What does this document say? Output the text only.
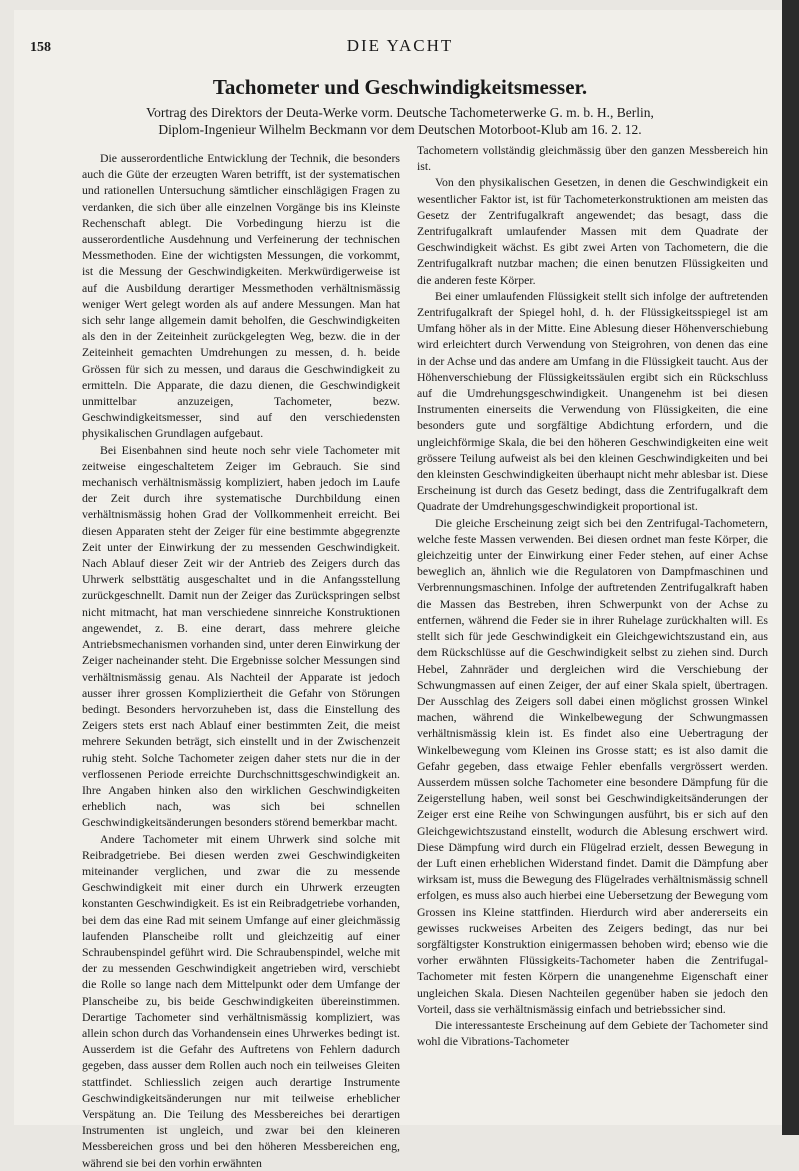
158	DIE YACHT
Tachometer und Geschwindigkeitsmesser.
Vortrag des Direktors der Deuta-Werke vorm. Deutsche Tachometerwerke G. m. b. H., Berlin,
Diplom-Ingenieur Wilhelm Beckmann vor dem Deutschen Motorboot-Klub am 16. 2. 12.

Die ausserordentliche Entwicklung der Technik, die besonders auch die Güte der erzeugten Waren betrifft, ist der systematischen und rationellen Untersuchung sämtlicher einschlägigen Fragen zu verdanken, die sich über alle einzelnen Vorgänge bis ins Kleinste Rechenschaft ablegt. Die Vorbedingung hierzu ist die ausserordentliche Ausdehnung und Verfeinerung der technischen Messmethoden. Eine der wichtigsten Messungen, die vorkommt, ist die Messung der Geschwindigkeiten. Merkwürdigerweise ist auf die Ausbildung derartiger Messmethoden verhältnismässig weniger Wert gelegt worden als auf andere Messungen. Man hat sich sehr lange allgemein damit beholfen, die Geschwindigkeiten als den in der Zeiteinheit zurückgelegten Weg, bezw. die in der Zeiteinheit gemachten Umdrehungen zu messen, d. h. beide Grössen für sich zu messen, und daraus die Geschwindigkeit zu ermitteln. Die Apparate, die dazu dienen, die Geschwindigkeit unmittelbar anzuzeigen, Tachometer, bezw. Geschwindigkeitsmesser, sind auf den verschiedensten physikalischen Grundlagen aufgebaut.

Bei Eisenbahnen sind heute noch sehr viele Tachometer mit zeitweise eingeschaltetem Zeiger im Gebrauch. Sie sind mechanisch verhältnismässig kompliziert, haben jedoch im Laufe der Zeit durch ihre systematische Durchbildung einen verhältnismässig hohen Grad der Vollkommenheit erreicht. Bei diesen Apparaten steht der Zeiger für eine bestimmte abgegrenzte Zeit unter der Einwirkung der zu messenden Geschwindigkeit. Nach Ablauf dieser Zeit wir der Antrieb des Zeigers durch das Uhrwerk selbsttätig ausgeschaltet und in die Anfangsstellung zurückgeschnellt. Damit nun der Zeiger das Zurückspringen selbst nicht mitmacht, hat man verschiedene sinnreiche Konstruktionen angewendet, z. B. eine derart, dass mehrere gleiche Antriebsmechanismen vorhanden sind, unter deren Einwirkung der Zeiger nacheinander steht. Die Ergebnisse solcher Messungen sind verhältnismässig genau. Als Nachteil der Apparate ist jedoch ausser ihrer grossen Kompliziertheit die Gefahr von Störungen bedingt. Besonders hervorzuheben ist, dass die Einstellung des Zeigers stets erst nach Ablauf einer bestimmten Zeit, die meist mehrere Sekunden beträgt, sich einstellt und in der Zwischenzeit ruhig steht. Solche Tachometer zeigen daher stets nur die in der verflossenen Periode erreichte Durchschnittsgeschwindigkeit an. Ihre Angaben hinken also den wirklichen Geschwindigkeiten erheblich nach, was sich bei schnellen Geschwindigkeitsänderungen besonders störend bemerkbar macht.

Andere Tachometer mit einem Uhrwerk sind solche mit Reibradgetriebe. Bei diesen werden zwei Geschwindigkeiten miteinander verglichen, und zwar die zu messende Geschwindigkeit mit einer durch ein Uhrwerk erzeugten konstanten Geschwindigkeit. Es ist ein Reibradgetriebe vorhanden, bei dem das eine Rad mit seinem Umfange auf einer gleichmässig laufenden Planscheibe rollt und gleichzeitig auf einer Schraubenspindel geführt wird. Die Schraubenspindel, welche mit der zu messenden Geschwindigkeit angetrieben wird, verschiebt die Rolle so lange nach dem Mittelpunkt oder dem Umfange der Planscheibe zu, bis beide Geschwindigkeiten übereinstimmen. Derartige Tachometer sind verhältnismässig kompliziert, was allein schon durch das Vorhandensein eines Uhrwerkes bedingt ist. Ausserdem ist die Gefahr des Auftretens von Fehlern dadurch gegeben, dass ausser dem Rollen auch noch ein teilweises Gleiten stattfindet. Schliesslich zeigen auch derartige Instrumente Geschwindigkeitsänderungen nur mit teilweise erheblicher Verspätung an. Die Teilung des Messbereiches bei derartigen Instrumenten ist ungleich, und zwar bei den kleineren Messbereichen gross und bei den höheren Messbereichen eng, während sie bei den vorhin erwähnten

Tachometern vollständig gleichmässig über den ganzen Messbereich hin ist.

Von den physikalischen Gesetzen, in denen die Geschwindigkeit ein wesentlicher Faktor ist, ist für Tachometerkonstruktionen am meisten das Gesetz der Zentrifugalkraft angewendet; das besagt, dass die Zentrifugalkraft umlaufender Massen mit dem Quadrate der Geschwindigkeit wächst. Es gibt zwei Arten von Tachometern, die die Zentrifugalkraft nutzbar machen; die einen benutzen Flüssigkeiten und die anderen feste Körper.

Bei einer umlaufenden Flüssigkeit stellt sich infolge der auftretenden Zentrifugalkraft der Spiegel hohl, d. h. der Flüssigkeitsspiegel ist am Umfang höher als in der Mitte. Eine Ablesung dieser Höhenverschiebung wird erleichtert durch Verwendung von Steigrohren, von denen das eine in der Achse und das andere am Umfang in die Flüssigkeit taucht. Aus der Höhenverschiebung der Flüssigkeitssäulen ergibt sich ein Rückschluss auf die Umdrehungsgeschwindigkeit. Unangenehm ist bei diesen Instrumenten einerseits die Verwendung von Flüssigkeiten, die eine besonders gute und sorgfältige Abdichtung erfordern, und die ungleichförmige Skala, die bei den höheren Geschwindigkeiten eine weit grössere Teilung aufweist als bei den kleinen Geschwindigkeiten und bei den kleinsten Geschwindigkeiten überhaupt nicht mehr ablesbar ist. Diese Erscheinung ist durch das Gesetz bedingt, dass die Zentrifugalkraft dem Quadrate der Umdrehungsgeschwindigkeit proportional ist.

Die gleiche Erscheinung zeigt sich bei den Zentrifugal-Tachometern, welche feste Massen verwenden. Bei diesen ordnet man feste Körper, die gleichzeitig unter der Einwirkung einer Feder stehen, auf einer Achse beweglich an, ähnlich wie die Regulatoren von Dampfmaschinen und Verbrennungsmaschinen. Infolge der auftretenden Zentrifugalkraft haben die Massen das Bestreben, ihren Schwerpunkt von der Achse zu entfernen, während die Feder sie in ihrer Ruhelage zurückhalten will. Es stellt sich für jede Geschwindigkeit ein Gleichgewichtszustand ein, aus dem Rückschlüsse auf die Geschwindigkeit selbst zu ziehen sind. Durch Hebel, Zahnräder und dergleichen wird die Verschiebung der Schwungmassen auf einen Zeiger, der auf einer Skala spielt, übertragen. Der Ausschlag des Zeigers soll dabei einen möglichst grossen Winkel machen, während die Winkelbewegung der Schwungmassen verhältnismässig klein ist. Es findet also eine Uebertragung der Winkelbewegung vom Kleinen ins Grosse statt; es ist also damit die Gefahr gegeben, dass etwaige Fehler ebenfalls vergrössert werden. Ausserdem müssen solche Tachometer eine besondere Dämpfung für die Zeigerstellung haben, weil sonst bei Geschwindigkeitsänderungen der Zeiger erst eine Reihe von Schwingungen ausführt, bis er sich auf den Gleichgewichtszustand einstellt, wodurch die Ablesung erschwert wird. Diese Dämpfung wird durch ein Flügelrad erzielt, dessen Bewegung in der Luft einen erheblichen Widerstand findet. Damit die Dämpfung aber wirksam ist, muss die Bewegung des Flügelrades verhältnismässig schnell erfolgen, es muss also auch hierbei eine Uebersetzung der Bewegung vom Grossen ins Kleine stattfinden. Hierdurch wird aber andererseits ein gewisses ruckweises Arbeiten des Zeigers bedingt, das nur bei sorgfältigster Konstruktion einigermassen behoben wird; ebenso wie die vorher erwähnten Flüssigkeits-Tachometer haben die Zentrifugal-Tachometer mit festen Körpern die unangenehme Eigenschaft einer ungleichen Skala. Diesen Nachteilen gegenüber haben sie jedoch den Vorteil, dass sie verhältnismässig einfach und betriebssicher sind.

Die interessanteste Erscheinung auf dem Gebiete der Tachometer sind wohl die Vibrations-Tachometer
